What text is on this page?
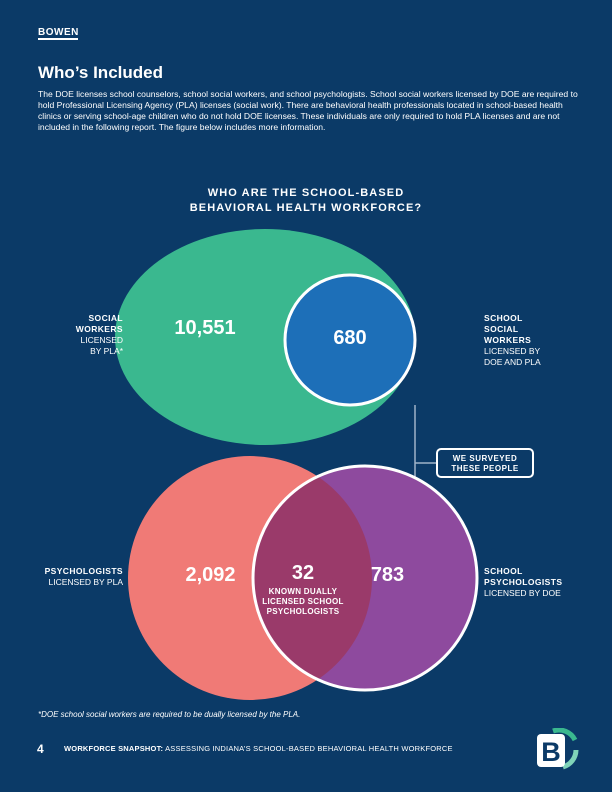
BOWEN
Who’s Included

The DOE licenses school counselors, school social workers, and school psychologists. School social workers licensed by DOE are required to hold Professional Licensing Agency (PLA) licenses (social work). There are behavioral health professionals located in school-based health clinics or serving school-age children who do not hold DOE licenses. These individuals are only required to hold PLA licenses and are not included in the following report. The figure below includes more information.

WHO ARE THE SCHOOL-BASED
BEHAVIORAL HEALTH WORKFORCE?
SOCIAL
WORKERS
LICENSED
BY PLA*
10,551	680
SCHOOL
SOCIAL
WORKERS
LICENSED BY
DOE AND PLA
WE SURVEYED
THESE PEOPLE
PSYCHOLOGISTS
LICENSED BY PLA	2,092	32
KNOWN DUALLY
LICENSED SCHOOL
PSYCHOLOGISTS
783	SCHOOL
PSYCHOLOGISTS
LICENSED BY DOE
*DOE school social workers are required to be dually licensed by the PLA.
4	WORKFORCE SNAPSHOT: ASSESSING INDIANA’S SCHOOL-BASED BEHAVIORAL HEALTH WORKFORCE	B
